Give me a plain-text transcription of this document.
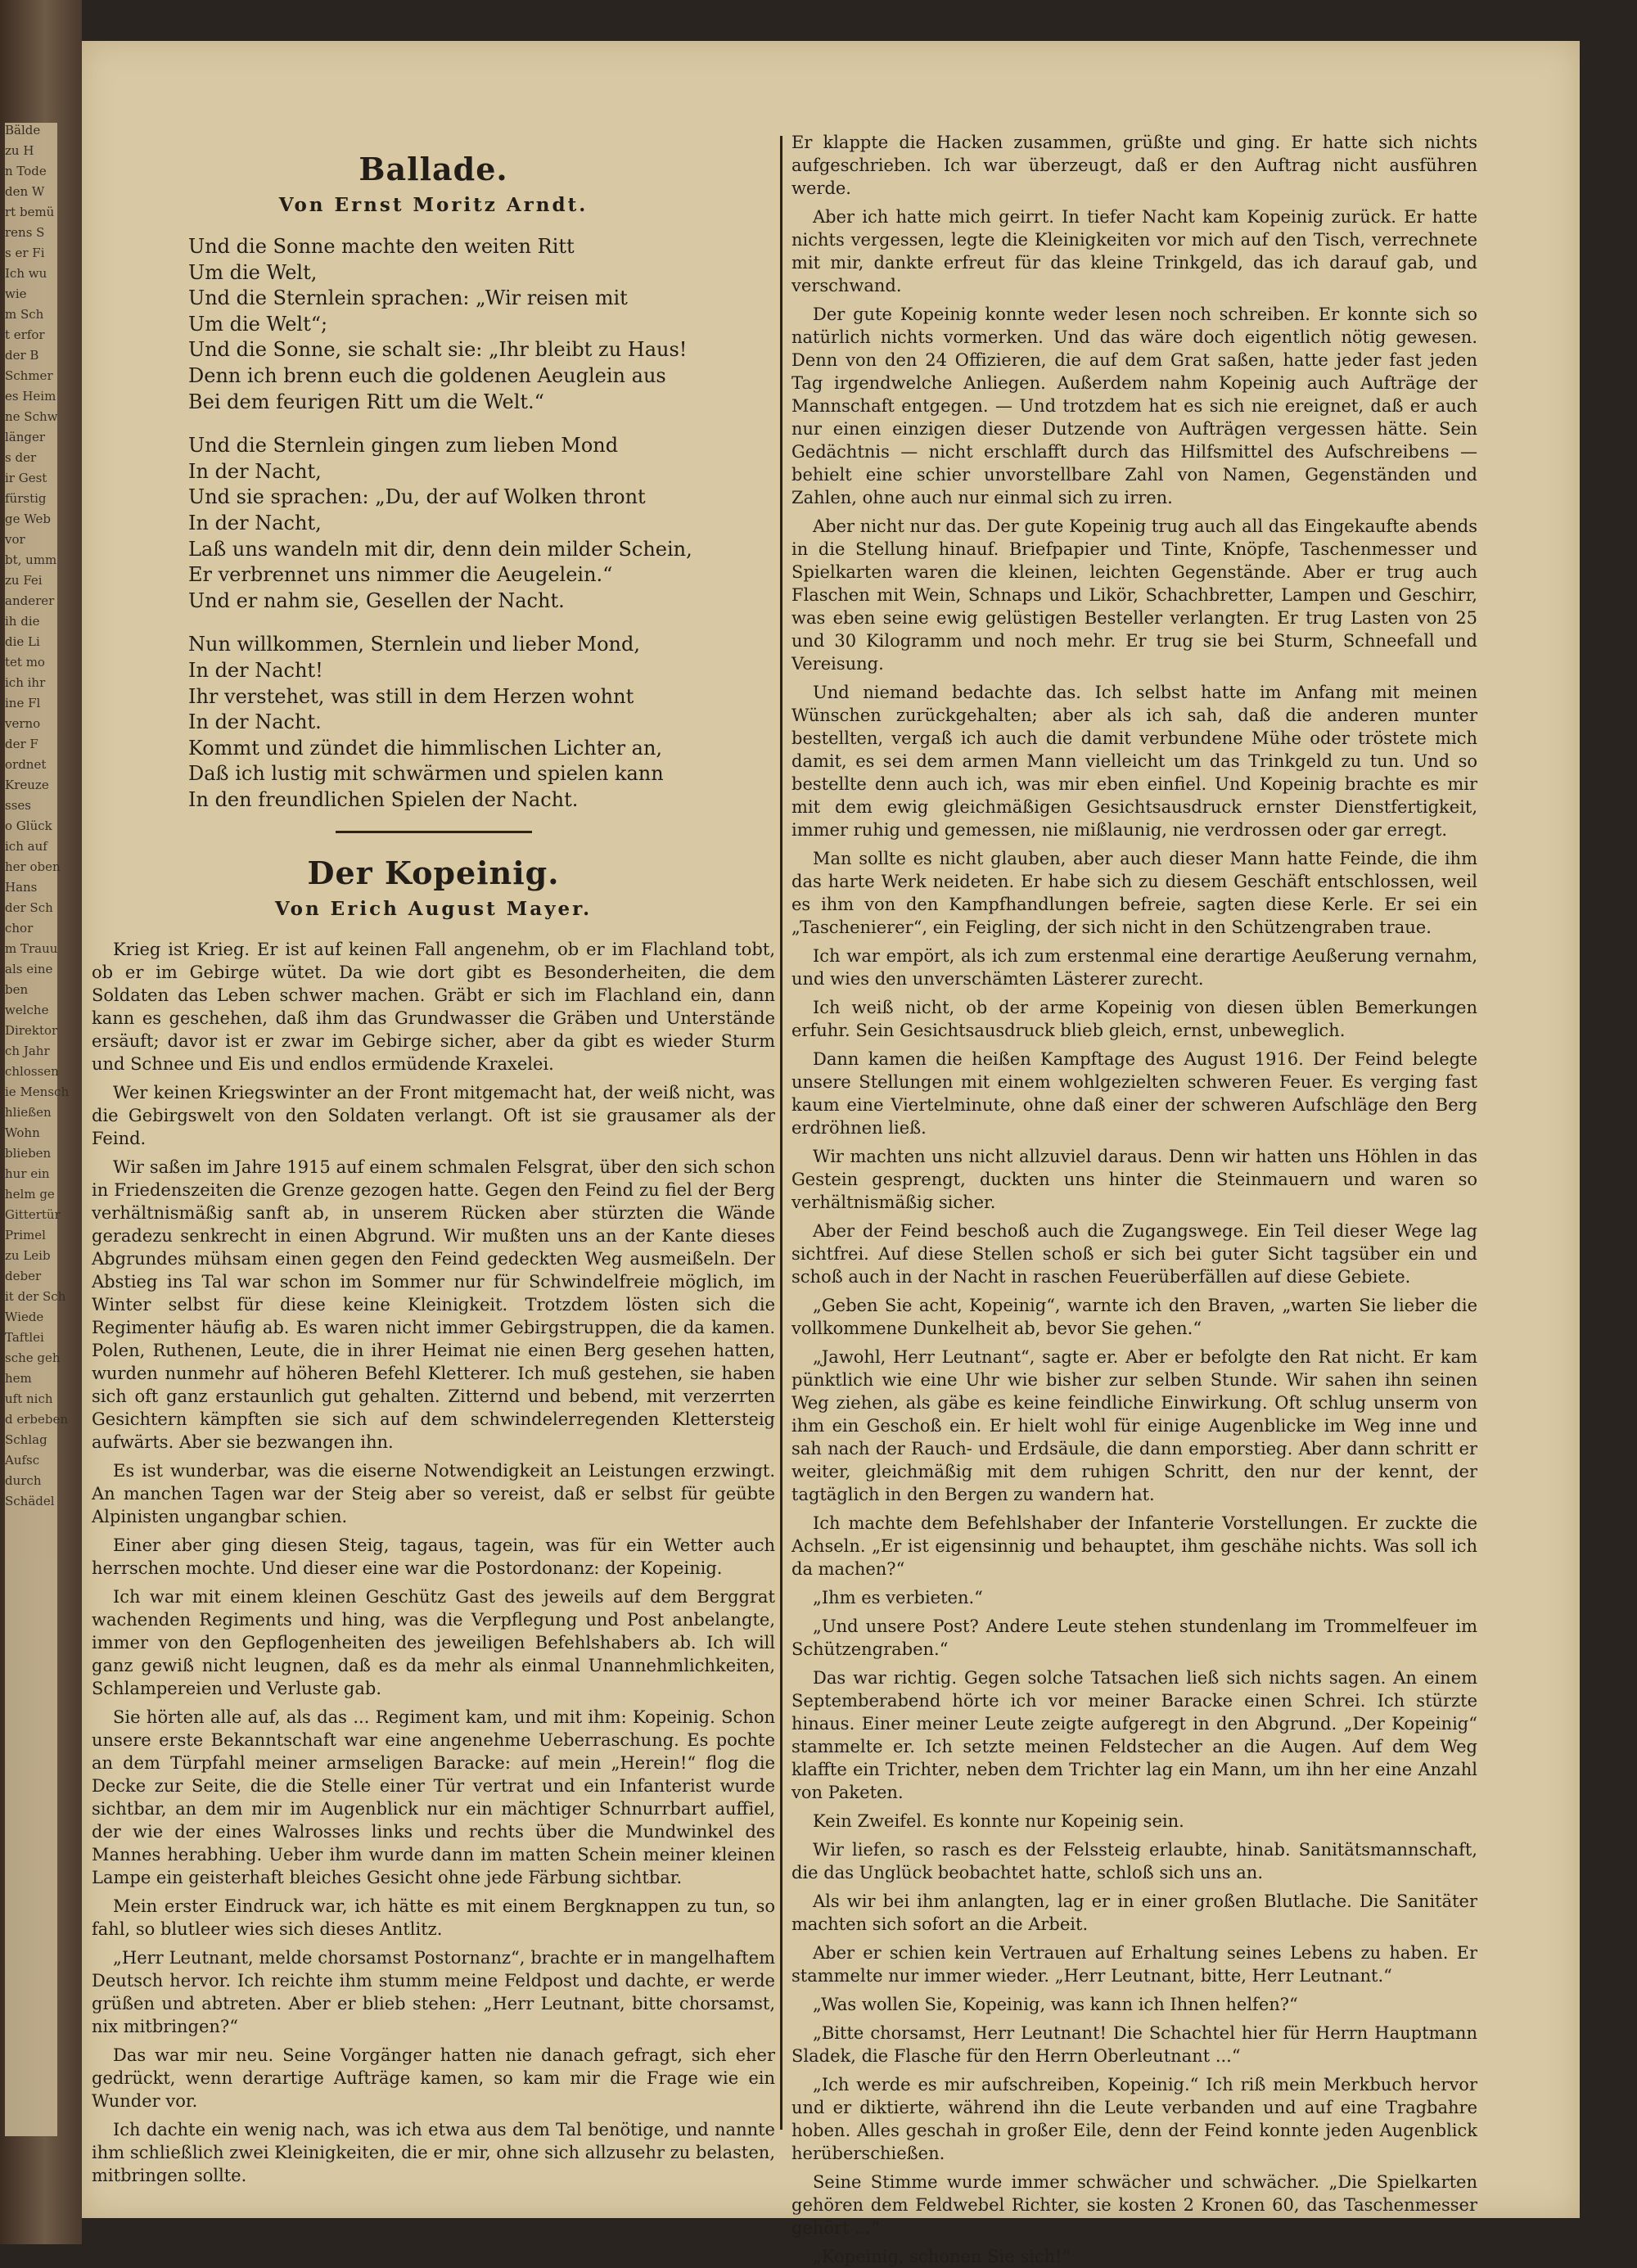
Bälde
zu H
n Tode
den W
rt bemü
rens S
s er Fi
Ich wu
wie
m Sch
t erfor
der B
Schmer
es Heim
ne Schw
länger
s der
ir Gest
fürstig
ge Web
vor
bt, umm
zu Fei
anderer
ih die
die Li
tet mo
ich ihr
ine Fl
verno
der F
ordnet
Kreuze
sses
o Glück
ich auf
her oben
Hans
der Sch
chor
m Trauu
als eine
ben
welche
Direktor
ch Jahr
chlossen
ie Mensch
hließen
Wohn
blieben
hur ein
helm ge
Gittertür
Primel
zu Leib
deber
it der Sch
Wiede
Taftlei
sche geh
hem
uft nich
d erbeben
Schlag
Aufsc
durch
Schädel
Ballade.
Von Ernst Moritz Arndt.
Und die Sonne machte den weiten Ritt
Um die Welt,
Und die Sternlein sprachen: „Wir reisen mit
Um die Welt“;
Und die Sonne, sie schalt sie: „Ihr bleibt zu Haus!
Denn ich brenn euch die goldenen Aeuglein aus
Bei dem feurigen Ritt um die Welt.“
Und die Sternlein gingen zum lieben Mond
In der Nacht,
Und sie sprachen: „Du, der auf Wolken thront
In der Nacht,
Laß uns wandeln mit dir, denn dein milder Schein,
Er verbrennet uns nimmer die Aeugelein.“
Und er nahm sie, Gesellen der Nacht.
Nun willkommen, Sternlein und lieber Mond,
In der Nacht!
Ihr verstehet, was still in dem Herzen wohnt
In der Nacht.
Kommt und zündet die himmlischen Lichter an,
Daß ich lustig mit schwärmen und spielen kann
In den freundlichen Spielen der Nacht.
Der Kopeinig.
Von Erich August Mayer.

Krieg ist Krieg. Er ist auf keinen Fall angenehm, ob er im Flachland tobt, ob er im Gebirge wütet. Da wie dort gibt es Besonderheiten, die dem Soldaten das Leben schwer machen. Gräbt er sich im Flachland ein, dann kann es geschehen, daß ihm das Grundwasser die Gräben und Unterstände ersäuft; davor ist er zwar im Gebirge sicher, aber da gibt es wieder Sturm und Schnee und Eis und endlos ermüdende Kraxelei.

Wer keinen Kriegswinter an der Front mitgemacht hat, der weiß nicht, was die Gebirgswelt von den Soldaten verlangt. Oft ist sie grausamer als der Feind.

Wir saßen im Jahre 1915 auf einem schmalen Felsgrat, über den sich schon in Friedenszeiten die Grenze gezogen hatte. Gegen den Feind zu fiel der Berg verhältnismäßig sanft ab, in unserem Rücken aber stürzten die Wände geradezu senkrecht in einen Abgrund. Wir mußten uns an der Kante dieses Abgrundes mühsam einen gegen den Feind gedeckten Weg ausmeißeln. Der Abstieg ins Tal war schon im Sommer nur für Schwindelfreie möglich, im Winter selbst für diese keine Kleinigkeit. Trotzdem lösten sich die Regimenter häufig ab. Es waren nicht immer Gebirgstruppen, die da kamen. Polen, Ruthenen, Leute, die in ihrer Heimat nie einen Berg gesehen hatten, wurden nunmehr auf höheren Befehl Kletterer. Ich muß gestehen, sie haben sich oft ganz erstaunlich gut gehalten. Zitternd und bebend, mit verzerrten Gesichtern kämpften sie sich auf dem schwindelerregenden Klettersteig aufwärts. Aber sie bezwangen ihn.

Es ist wunderbar, was die eiserne Notwendigkeit an Leistungen erzwingt. An manchen Tagen war der Steig aber so vereist, daß er selbst für geübte Alpinisten ungangbar schien.

Einer aber ging diesen Steig, tagaus, tagein, was für ein Wetter auch herrschen mochte. Und dieser eine war die Postordonanz: der Kopeinig.

Ich war mit einem kleinen Geschütz Gast des jeweils auf dem Berggrat wachenden Regiments und hing, was die Verpflegung und Post anbelangte, immer von den Gepflogenheiten des jeweiligen Befehlshabers ab. Ich will ganz gewiß nicht leugnen, daß es da mehr als einmal Unannehmlichkeiten, Schlampereien und Verluste gab.

Sie hörten alle auf, als das ... Regiment kam, und mit ihm: Kopeinig. Schon unsere erste Bekanntschaft war eine angenehme Ueberraschung. Es pochte an dem Türpfahl meiner armseligen Baracke: auf mein „Herein!“ flog die Decke zur Seite, die die Stelle einer Tür vertrat und ein Infanterist wurde sichtbar, an dem mir im Augenblick nur ein mächtiger Schnurrbart auffiel, der wie der eines Walrosses links und rechts über die Mundwinkel des Mannes herabhing. Ueber ihm wurde dann im matten Schein meiner kleinen Lampe ein geisterhaft bleiches Gesicht ohne jede Färbung sichtbar.

Mein erster Eindruck war, ich hätte es mit einem Bergknappen zu tun, so fahl, so blutleer wies sich dieses Antlitz.

„Herr Leutnant, melde chorsamst Postornanz“, brachte er in mangelhaftem Deutsch hervor. Ich reichte ihm stumm meine Feldpost und dachte, er werde grüßen und abtreten. Aber er blieb stehen: „Herr Leutnant, bitte chorsamst, nix mitbringen?“

Das war mir neu. Seine Vorgänger hatten nie danach gefragt, sich eher gedrückt, wenn derartige Aufträge kamen, so kam mir die Frage wie ein Wunder vor.

Ich dachte ein wenig nach, was ich etwa aus dem Tal benötige, und nannte ihm schließlich zwei Kleinigkeiten, die er mir, ohne sich allzusehr zu belasten, mitbringen sollte.

Er klappte die Hacken zusammen, grüßte und ging. Er hatte sich nichts aufgeschrieben. Ich war überzeugt, daß er den Auftrag nicht ausführen werde.

Aber ich hatte mich geirrt. In tiefer Nacht kam Kopeinig zurück. Er hatte nichts vergessen, legte die Kleinigkeiten vor mich auf den Tisch, verrechnete mit mir, dankte erfreut für das kleine Trinkgeld, das ich darauf gab, und verschwand.

Der gute Kopeinig konnte weder lesen noch schreiben. Er konnte sich so natürlich nichts vormerken. Und das wäre doch eigentlich nötig gewesen. Denn von den 24 Offizieren, die auf dem Grat saßen, hatte jeder fast jeden Tag irgendwelche Anliegen. Außerdem nahm Kopeinig auch Aufträge der Mannschaft entgegen. — Und trotzdem hat es sich nie ereignet, daß er auch nur einen einzigen dieser Dutzende von Aufträgen vergessen hätte. Sein Gedächtnis — nicht erschlafft durch das Hilfsmittel des Aufschreibens — behielt eine schier unvorstellbare Zahl von Namen, Gegenständen und Zahlen, ohne auch nur einmal sich zu irren.

Aber nicht nur das. Der gute Kopeinig trug auch all das Eingekaufte abends in die Stellung hinauf. Briefpapier und Tinte, Knöpfe, Taschenmesser und Spielkarten waren die kleinen, leichten Gegenstände. Aber er trug auch Flaschen mit Wein, Schnaps und Likör, Schachbretter, Lampen und Geschirr, was eben seine ewig gelüstigen Besteller verlangten. Er trug Lasten von 25 und 30 Kilogramm und noch mehr. Er trug sie bei Sturm, Schneefall und Vereisung.

Und niemand bedachte das. Ich selbst hatte im Anfang mit meinen Wünschen zurückgehalten; aber als ich sah, daß die anderen munter bestellten, vergaß ich auch die damit verbundene Mühe oder tröstete mich damit, es sei dem armen Mann vielleicht um das Trinkgeld zu tun. Und so bestellte denn auch ich, was mir eben einfiel. Und Kopeinig brachte es mir mit dem ewig gleichmäßigen Gesichtsausdruck ernster Dienstfertigkeit, immer ruhig und gemessen, nie mißlaunig, nie verdrossen oder gar erregt.

Man sollte es nicht glauben, aber auch dieser Mann hatte Feinde, die ihm das harte Werk neideten. Er habe sich zu diesem Geschäft entschlossen, weil es ihm von den Kampfhandlungen befreie, sagten diese Kerle. Er sei ein „Taschenierer“, ein Feigling, der sich nicht in den Schützengraben traue.

Ich war empört, als ich zum erstenmal eine derartige Aeußerung vernahm, und wies den unverschämten Lästerer zurecht.

Ich weiß nicht, ob der arme Kopeinig von diesen üblen Bemerkungen erfuhr. Sein Gesichtsausdruck blieb gleich, ernst, unbeweglich.

Dann kamen die heißen Kampftage des August 1916. Der Feind belegte unsere Stellungen mit einem wohlgezielten schweren Feuer. Es verging fast kaum eine Viertelminute, ohne daß einer der schweren Aufschläge den Berg erdröhnen ließ.

Wir machten uns nicht allzuviel daraus. Denn wir hatten uns Höhlen in das Gestein gesprengt, duckten uns hinter die Steinmauern und waren so verhältnismäßig sicher.

Aber der Feind beschoß auch die Zugangswege. Ein Teil dieser Wege lag sichtfrei. Auf diese Stellen schoß er sich bei guter Sicht tagsüber ein und schoß auch in der Nacht in raschen Feuerüberfällen auf diese Gebiete.

„Geben Sie acht, Kopeinig“, warnte ich den Braven, „warten Sie lieber die vollkommene Dunkelheit ab, bevor Sie gehen.“

„Jawohl, Herr Leutnant“, sagte er. Aber er befolgte den Rat nicht. Er kam pünktlich wie eine Uhr wie bisher zur selben Stunde. Wir sahen ihn seinen Weg ziehen, als gäbe es keine feindliche Einwirkung. Oft schlug unserm von ihm ein Geschoß ein. Er hielt wohl für einige Augenblicke im Weg inne und sah nach der Rauch- und Erdsäule, die dann emporstieg. Aber dann schritt er weiter, gleichmäßig mit dem ruhigen Schritt, den nur der kennt, der tagtäglich in den Bergen zu wandern hat.

Ich machte dem Befehlshaber der Infanterie Vorstellungen. Er zuckte die Achseln. „Er ist eigensinnig und behauptet, ihm geschähe nichts. Was soll ich da machen?“

„Ihm es verbieten.“

„Und unsere Post? Andere Leute stehen stundenlang im Trommelfeuer im Schützengraben.“

Das war richtig. Gegen solche Tatsachen ließ sich nichts sagen. An einem Septemberabend hörte ich vor meiner Baracke einen Schrei. Ich stürzte hinaus. Einer meiner Leute zeigte aufgeregt in den Abgrund. „Der Kopeinig“ stammelte er. Ich setzte meinen Feldstecher an die Augen. Auf dem Weg klaffte ein Trichter, neben dem Trichter lag ein Mann, um ihn her eine Anzahl von Paketen.

Kein Zweifel. Es konnte nur Kopeinig sein.

Wir liefen, so rasch es der Felssteig erlaubte, hinab. Sanitätsmannschaft, die das Unglück beobachtet hatte, schloß sich uns an.

Als wir bei ihm anlangten, lag er in einer großen Blutlache. Die Sanitäter machten sich sofort an die Arbeit.

Aber er schien kein Vertrauen auf Erhaltung seines Lebens zu haben. Er stammelte nur immer wieder. „Herr Leutnant, bitte, Herr Leutnant.“

„Was wollen Sie, Kopeinig, was kann ich Ihnen helfen?“

„Bitte chorsamst, Herr Leutnant! Die Schachtel hier für Herrn Hauptmann Sladek, die Flasche für den Herrn Oberleutnant ...“

„Ich werde es mir aufschreiben, Kopeinig.“ Ich riß mein Merkbuch hervor und er diktierte, während ihn die Leute verbanden und auf eine Tragbahre hoben. Alles geschah in großer Eile, denn der Feind konnte jeden Augenblick herüberschießen.

Seine Stimme wurde immer schwächer und schwächer. „Die Spielkarten gehören dem Feldwebel Richter, sie kosten 2 Kronen 60, das Taschenmesser gehört ...“

„Kopeinig, schonen Sie sich!“
